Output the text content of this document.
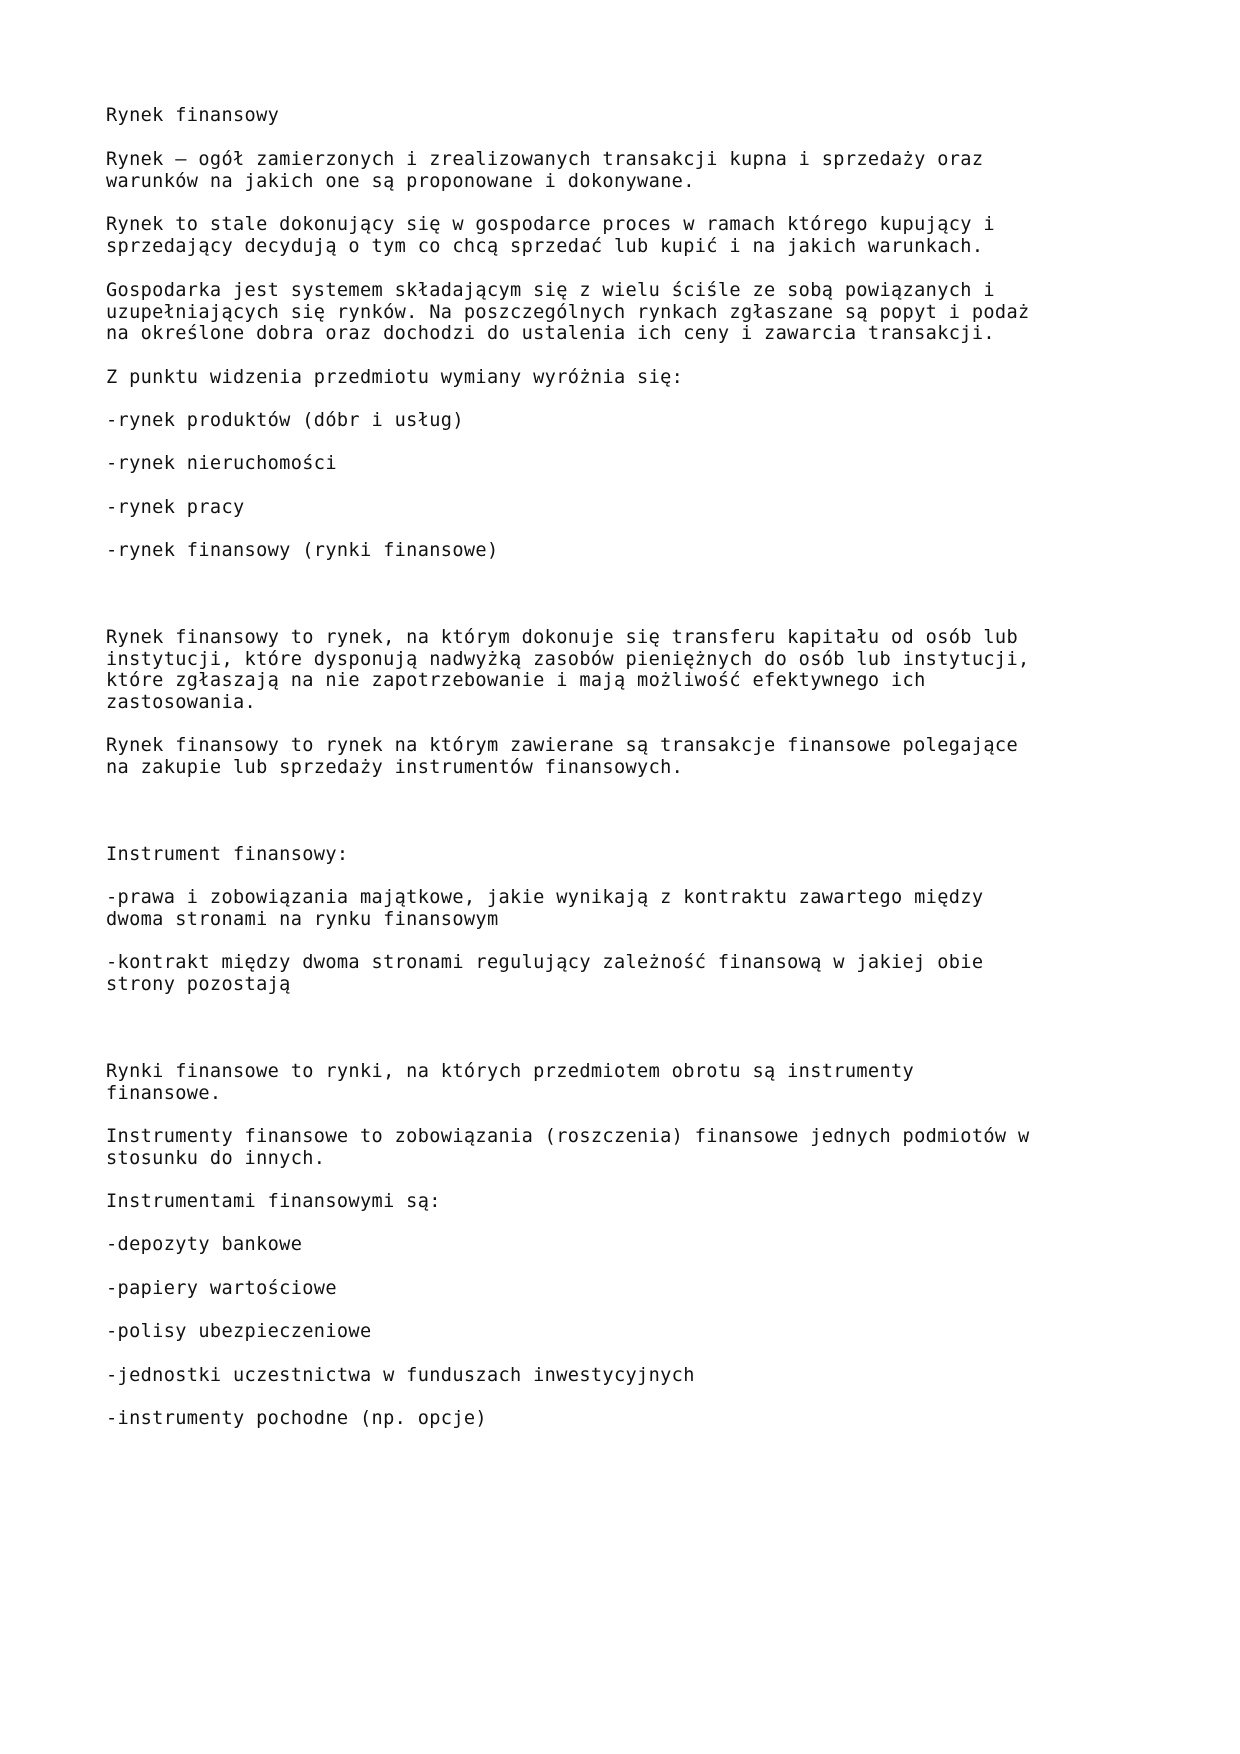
Rynek finansowy
Rynek – ogół zamierzonych i zrealizowanych transakcji kupna i sprzedaży oraz
warunków na jakich one są proponowane i dokonywane.
Rynek to stale dokonujący się w gospodarce proces w ramach którego kupujący i
sprzedający decydują o tym co chcą sprzedać lub kupić i na jakich warunkach.
Gospodarka jest systemem składającym się z wielu ściśle ze sobą powiązanych i
uzupełniających się rynków. Na poszczególnych rynkach zgłaszane są popyt i podaż
na określone dobra oraz dochodzi do ustalenia ich ceny i zawarcia transakcji.
Z punktu widzenia przedmiotu wymiany wyróżnia się:
-rynek produktów (dóbr i usług)
-rynek nieruchomości
-rynek pracy
-rynek finansowy (rynki finansowe)
Rynek finansowy to rynek, na którym dokonuje się transferu kapitału od osób lub
instytucji, które dysponują nadwyżką zasobów pieniężnych do osób lub instytucji,
które zgłaszają na nie zapotrzebowanie i mają możliwość efektywnego ich
zastosowania.
Rynek finansowy to rynek na którym zawierane są transakcje finansowe polegające
na zakupie lub sprzedaży instrumentów finansowych.
Instrument finansowy:
-prawa i zobowiązania majątkowe, jakie wynikają z kontraktu zawartego między
dwoma stronami na rynku finansowym
-kontrakt między dwoma stronami regulujący zależność finansową w jakiej obie
strony pozostają
Rynki finansowe to rynki, na których przedmiotem obrotu są instrumenty
finansowe.
Instrumenty finansowe to zobowiązania (roszczenia) finansowe jednych podmiotów w
stosunku do innych.
Instrumentami finansowymi są:
-depozyty bankowe
-papiery wartościowe
-polisy ubezpieczeniowe
-jednostki uczestnictwa w funduszach inwestycyjnych
-instrumenty pochodne (np. opcje)
